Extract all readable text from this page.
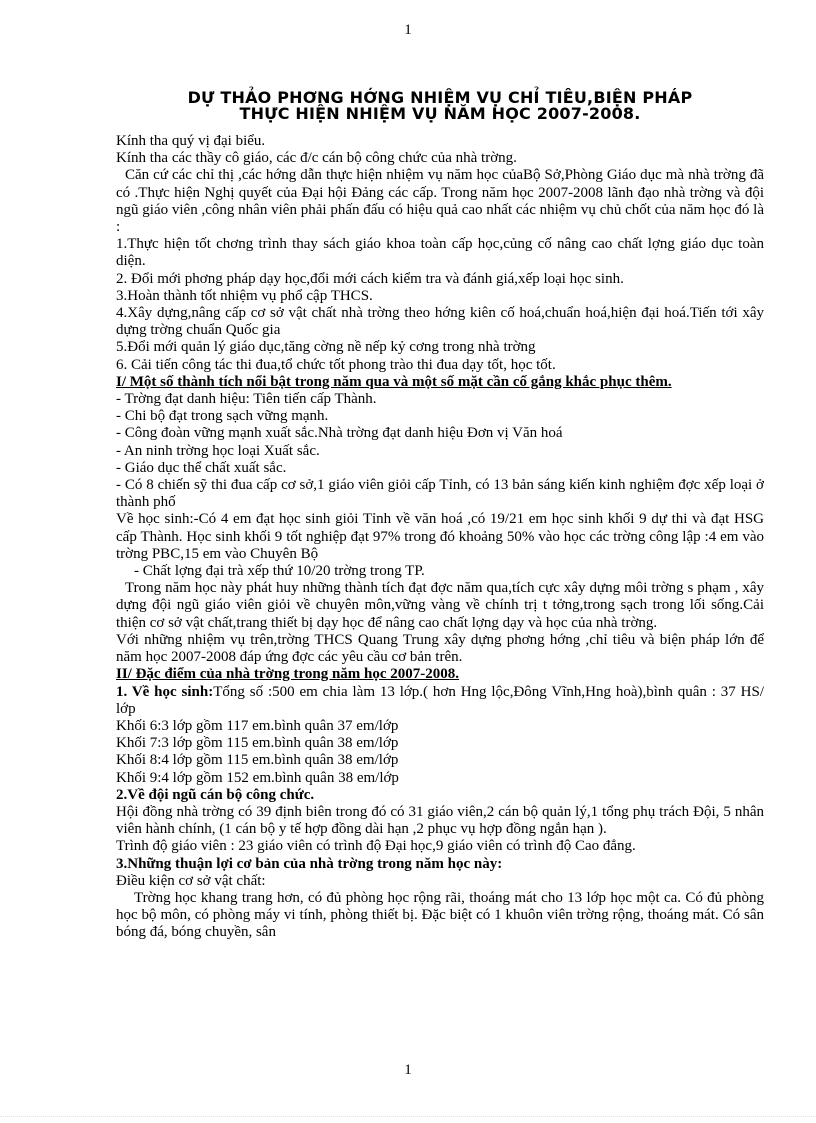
1
DỰ THẢO PHƠNG HỚNG NHIỆM VỤ CHỈ TIÊU,BIỆN PHÁP
THỰC HIỆN NHIỆM VỤ NĂM HỌC 2007-2008.

Kính tha quý vị đại biểu.

Kính tha các thầy cô giáo, các đ/c cán bộ công chức của nhà trờng.

Căn cứ các chỉ thị ,các hớng dẫn thực hiện nhiệm vụ năm học củaBộ Sở,Phòng Giáo dục mà nhà trờng đã có .Thực hiện Nghị quyết của Đại hội Đảng các cấp. Trong năm học 2007-2008 lãnh đạo nhà trờng và đội ngũ giáo viên ,công nhân viên phải phấn đấu có hiệu quả cao nhất các nhiệm vụ chủ chốt của năm học đó là :

1.Thực hiện tốt chơng trình thay sách giáo khoa toàn cấp học,củng cố nâng cao chất lợng giáo dục toàn diện.

2. Đổi mới phơng pháp dạy học,đổi mới cách kiểm tra và đánh giá,xếp loại học sinh.

3.Hoàn thành tốt nhiệm vụ phổ cập THCS.

4.Xây dựng,nâng cấp cơ sở vật chất nhà trờng theo hớng kiên cố hoá,chuẩn hoá,hiện đại hoá.Tiến tới xây dựng trờng chuẩn Quốc gia

5.Đổi mới quản lý giáo dục,tăng cờng nề nếp kỷ cơng trong nhà trờng

6. Cải tiến công tác thi đua,tổ chức tốt phong trào thi đua dạy tốt, học tốt.

I/ Một số thành tích nổi bật trong năm qua và một số mặt cần cố gắng khắc phục thêm.

- Trờng đạt danh hiệu: Tiên tiến cấp Thành.

- Chi bộ đạt trong sạch vững mạnh.

- Công đoàn vững mạnh xuất sắc.Nhà trờng đạt danh hiệu Đơn vị Văn hoá

- An ninh trờng học loại Xuất sắc.

- Giáo dục thể chất xuất sắc.

- Có 8 chiến sỹ thi đua cấp cơ sở,1 giáo viên giỏi cấp Tỉnh, có 13 bản sáng kiến kinh nghiệm đợc xếp loại ở thành phố

Về học sinh:-Có 4 em đạt học sinh giỏi Tỉnh về văn hoá ,có 19/21 em học sinh khối 9 dự thi và đạt HSG cấp Thành. Học sinh khối 9 tốt nghiệp đạt 97% trong đó khoảng 50% vào học các trờng công lập :4 em vào trờng PBC,15 em vào Chuyên Bộ

- Chất lợng đại trà xếp thứ 10/20 trờng trong TP.

Trong năm học này phát huy những thành tích đạt đợc năm qua,tích cực xây dựng môi trờng s phạm , xây dựng đội ngũ giáo viên giỏi về chuyên môn,vững vàng về chính trị t tởng,trong sạch trong lối sống.Cải thiện cơ sở vật chất,trang thiết bị dạy học để nâng cao chất lợng dạy và học của nhà trờng.

Với những nhiệm vụ trên,trờng THCS Quang Trung xây dựng phơng hớng ,chỉ tiêu và biện pháp lớn để năm học 2007-2008 đáp ứng đợc các yêu cầu cơ bản trên.

II/ Đặc điểm của nhà trờng trong năm học 2007-2008.

1. Về học sinh:Tổng số :500 em chia làm 13 lớp.( hơn Hng lộc,Đông Vĩnh,Hng hoà),bình quân : 37 HS/ lớp

Khối 6:3 lớp gồm 117 em.bình quân 37 em/lớp

Khối 7:3 lớp gồm 115 em.bình quân 38 em/lớp

Khối 8:4 lớp gồm 115 em.bình quân 38 em/lớp

Khối 9:4 lớp gồm 152 em.bình quân 38 em/lớp

2.Về đội ngũ cán bộ công chức.

Hội đồng nhà trờng có 39 định biên trong đó có 31 giáo viên,2 cán bộ quản lý,1 tổng phụ trách Đội, 5 nhân viên hành chính, (1 cán bộ y tế hợp đồng dài hạn ,2 phục vụ hợp đồng ngắn hạn ).

Trình độ giáo viên : 23 giáo viên có trình độ Đại học,9 giáo viên có trình độ Cao đẳng.

3.Những thuận lợi cơ bản của nhà trờng trong năm học này:

Điều kiện cơ sở vật chất:

Trờng học khang trang hơn, có đủ phòng học rộng rãi, thoáng mát cho 13 lớp học một ca. Có đủ phòng học bộ môn, có phòng máy vi tính, phòng thiết bị. Đặc biệt có 1 khuôn viên trờng rộng, thoáng mát. Có sân bóng đá, bóng chuyền, sân

1
